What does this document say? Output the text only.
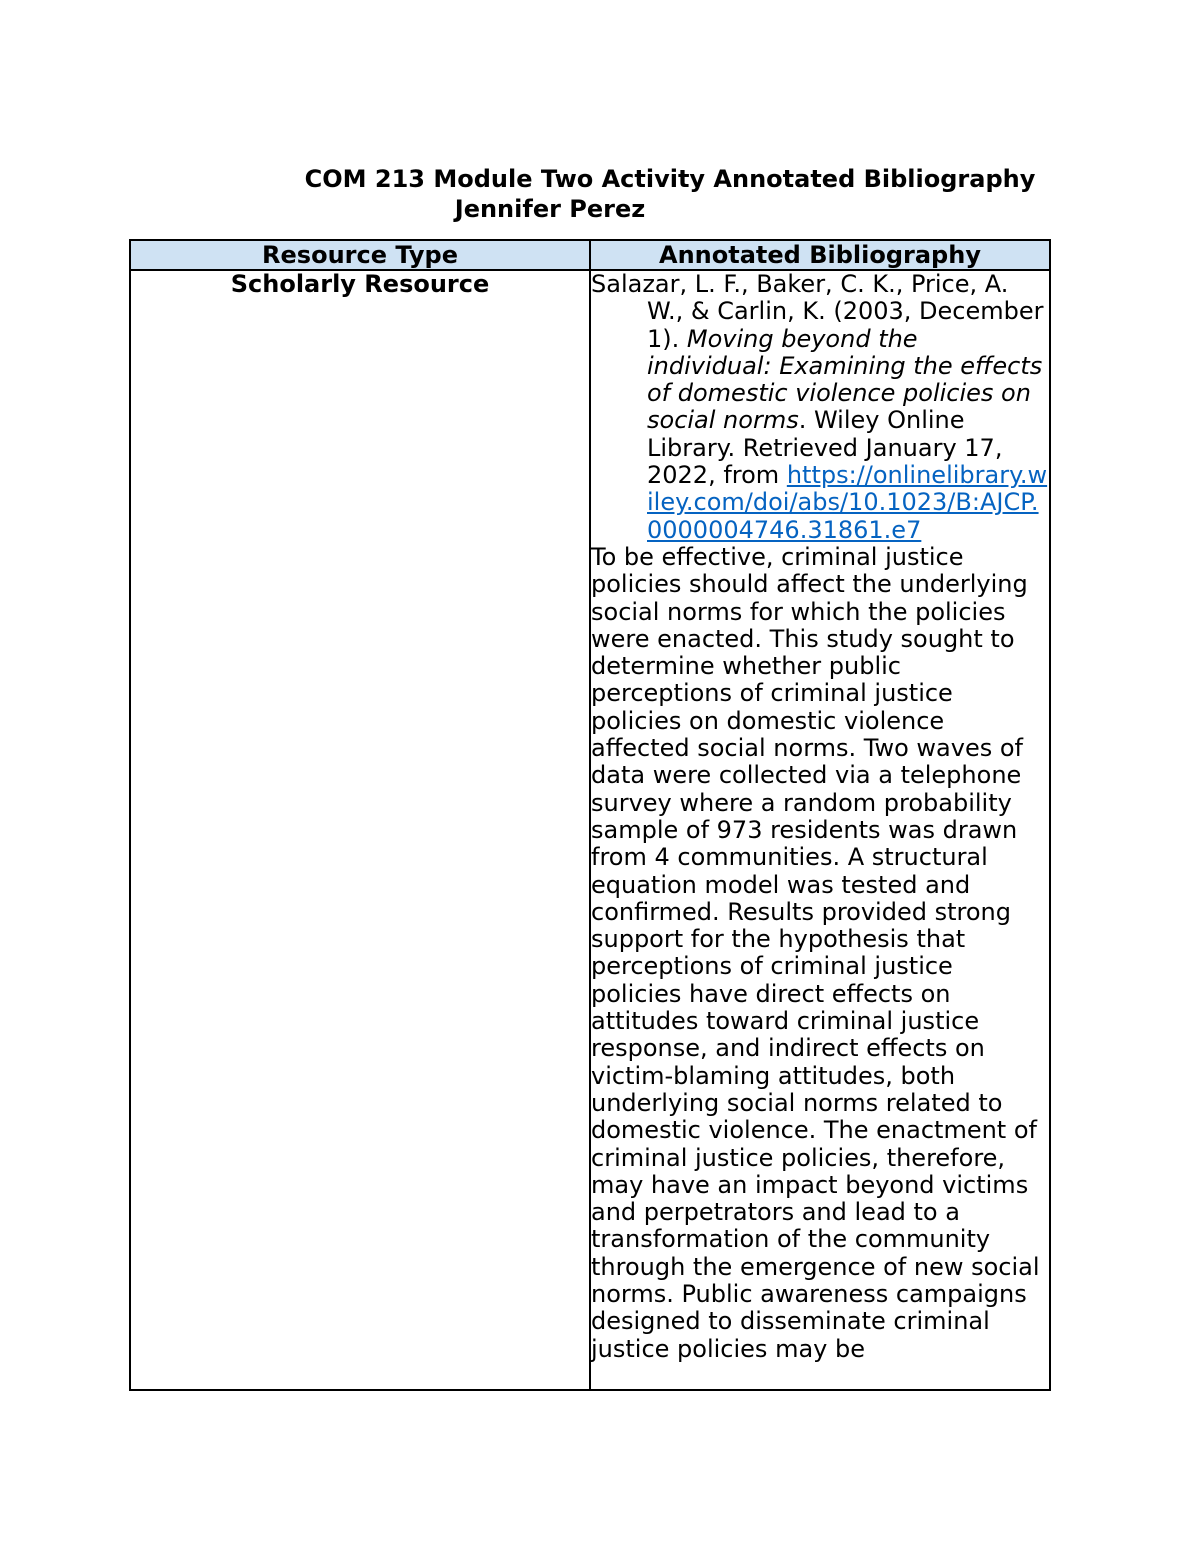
COM 213 Module Two Activity Annotated Bibliography
Jennifer Perez
Resource Type	Annotated Bibliography
Scholarly Resource	Salazar, L. F., Baker, C. K., Price, A. W., & Carlin, K. (2003, December 1). Moving beyond the individual: Examining the effects of domestic violence policies on social norms. Wiley Online Library. Retrieved January 17, 2022, from https://onlinelibrary.wiley.com/doi/abs/10.1023/B:AJCP.0000004746.31861.e7

To be effective, criminal justice policies should affect the underlying social norms for which the policies were enacted. This study sought to determine whether public perceptions of criminal justice policies on domestic violence affected social norms. Two waves of data were collected via a telephone survey where a random probability sample of 973 residents was drawn from 4 communities. A structural equation model was tested and confirmed. Results provided strong support for the hypothesis that perceptions of criminal justice policies have direct effects on attitudes toward criminal justice response, and indirect effects on victim-blaming attitudes, both underlying social norms related to domestic violence. The enactment of criminal justice policies, therefore, may have an impact beyond victims and perpetrators and lead to a transformation of the community through the emergence of new social norms. Public awareness campaigns designed to disseminate criminal justice policies may be
